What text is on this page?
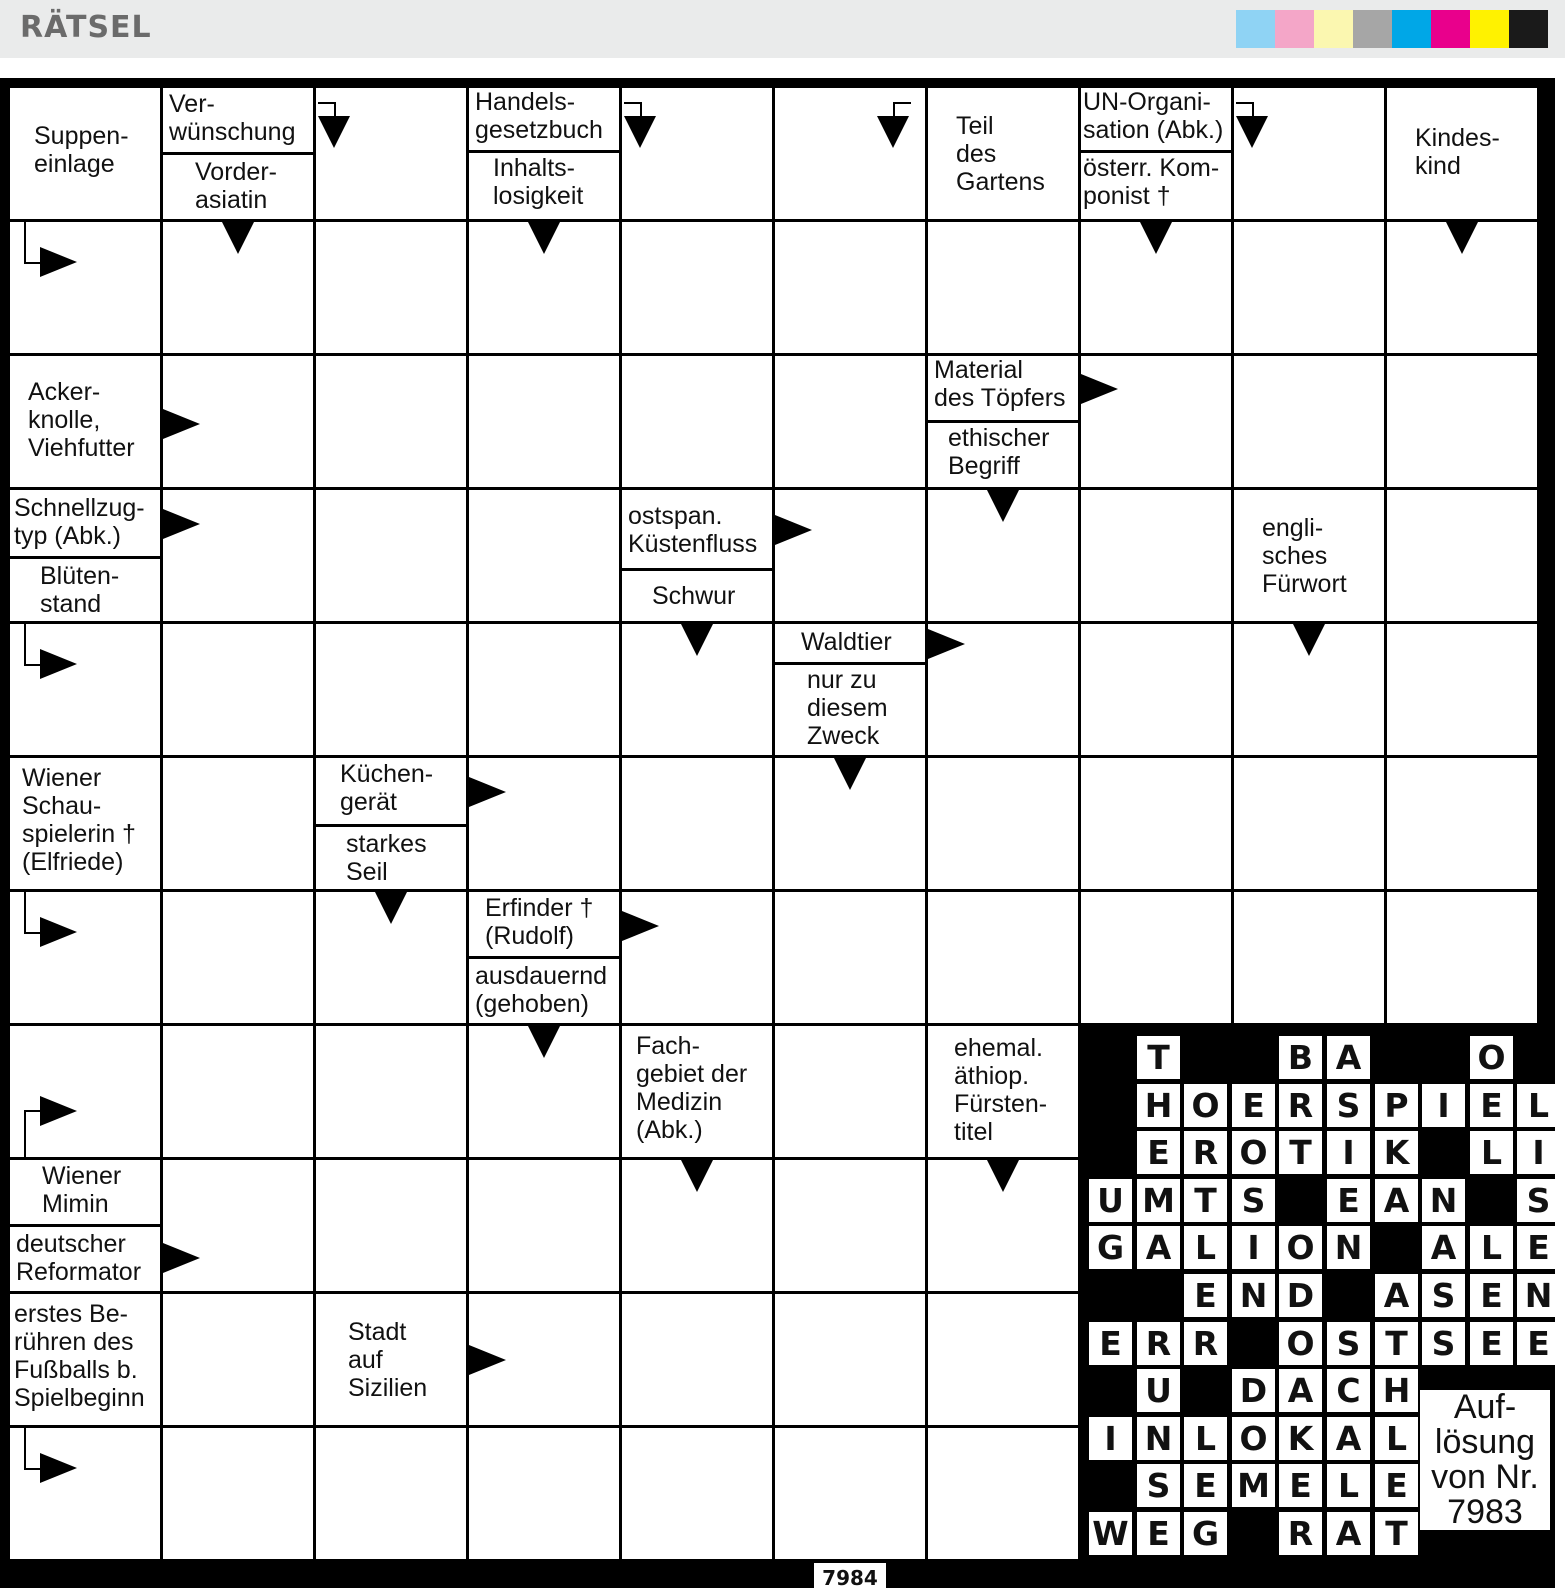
RÄTSEL
Suppen-
einlage
Ver-
wünschung
Vorder-
asiatin
Handels-
gesetzbuch
Inhalts-
losigkeit
Teil
des
Gartens
UN-Organi-
sation (Abk.)
österr. Kom-
ponist †
Kindes-
kind
Acker-
knolle,
Viehfutter
Material
des Töpfers
ethischer
Begriff
Schnellzug-
typ (Abk.)
Blüten-
stand
ostspan.
Küstenfluss
Schwur
engli-
sches
Fürwort
Waldtier
nur zu
diesem
Zweck
Wiener
Schau-
spielerin †
(Elfriede)
Küchen-
gerät
starkes
Seil
Erfinder †
(Rudolf)
ausdauernd
(gehoben)
Fach-
gebiet der
Medizin
(Abk.)
ehemal.
äthiop.
Fürsten-
titel
Wiener
Mimin
deutscher
Reformator
erstes Be-
rühren des
Fußballs b.
Spielbeginn
Stadt
auf
Sizilien	Auf- lösung von Nr. 7983
7984
T	B A	O
H O E R S P I E L
E R O T I K	L I
U M T S	E A N S
G A L I O N A L E
E N D A S E N
E R R O S T S E E
U D A C H
I N L O K A L
S E M E L E
W E G R A T
